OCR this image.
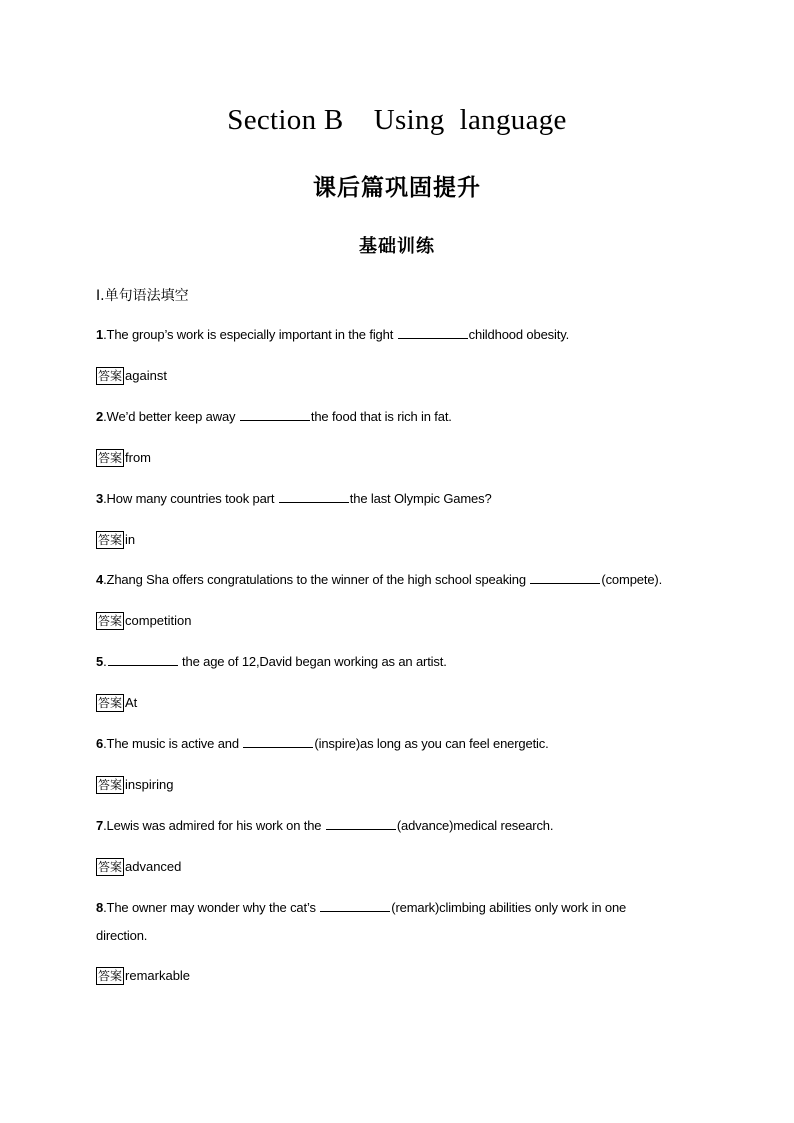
Section B    Using  language
课后篇巩固提升
基础训练
Ⅰ.单句语法填空
1.The group’s work is especially important in the fight	childhood obesity.
答案 against
2.We’d better keep away	the food that is rich in fat.
答案 from
3.How many countries took part	the last Olympic Games?
答案 in
4.Zhang Sha offers congratulations to the winner of the high school speaking	(compete).
答案 competition
5.	the age of 12,David began working as an artist.
答案 At
6.The music is active and	(inspire)as long as you can feel energetic.
答案 inspiring
7.Lewis was admired for his work on the	(advance)medical research.
答案 advanced
8.The owner may wonder why the cat’s	(remark)climbing abilities only work in one direction.
答案 remarkable
